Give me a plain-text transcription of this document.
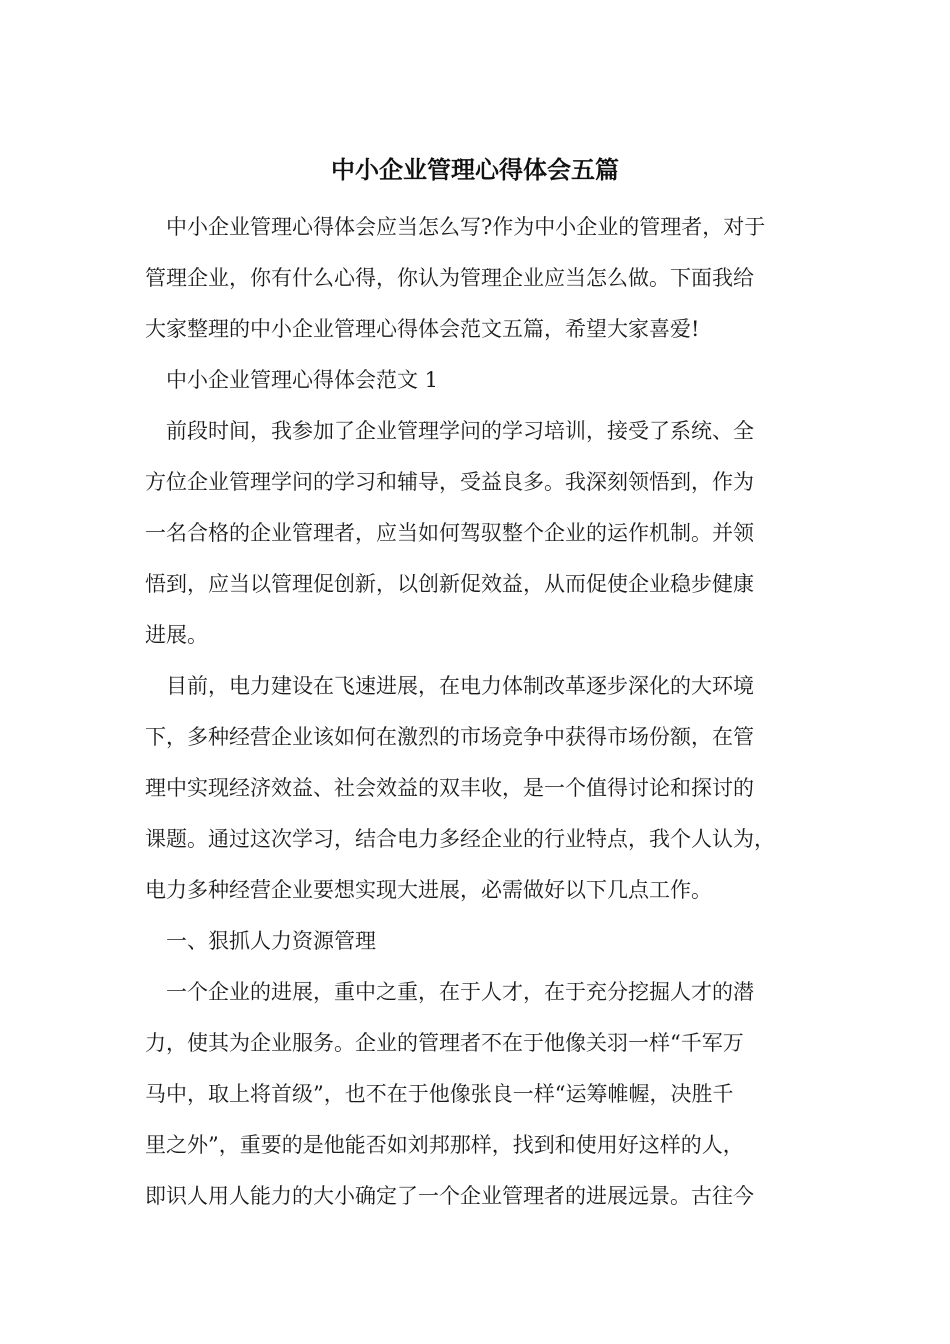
中小企业管理心得体会五篇
　中小企业管理心得体会应当怎么写?作为中小企业的管理者，对于
管理企业，你有什么心得，你认为管理企业应当怎么做。下面我给
大家整理的中小企业管理心得体会范文五篇，希望大家喜爱!
　中小企业管理心得体会范文 1
　前段时间，我参加了企业管理学问的学习培训，接受了系统、全
方位企业管理学问的学习和辅导，受益良多。我深刻领悟到，作为
一名合格的企业管理者，应当如何驾驭整个企业的运作机制。并领
悟到，应当以管理促创新，以创新促效益，从而促使企业稳步健康
进展。
　目前，电力建设在飞速进展，在电力体制改革逐步深化的大环境
下，多种经营企业该如何在激烈的市场竞争中获得市场份额，在管
理中实现经济效益、社会效益的双丰收，是一个值得讨论和探讨的
课题。通过这次学习，结合电力多经企业的行业特点，我个人认为，
电力多种经营企业要想实现大进展，必需做好以下几点工作。
　一、狠抓人力资源管理
　一个企业的进展，重中之重，在于人才，在于充分挖掘人才的潜
力，使其为企业服务。企业的管理者不在于他像关羽一样“千军万
马中，取上将首级”，也不在于他像张良一样“运筹帷幄，决胜千
里之外”，重要的是他能否如刘邦那样，找到和使用好这样的人，
即识人用人能力的大小确定了一个企业管理者的进展远景。古往今
